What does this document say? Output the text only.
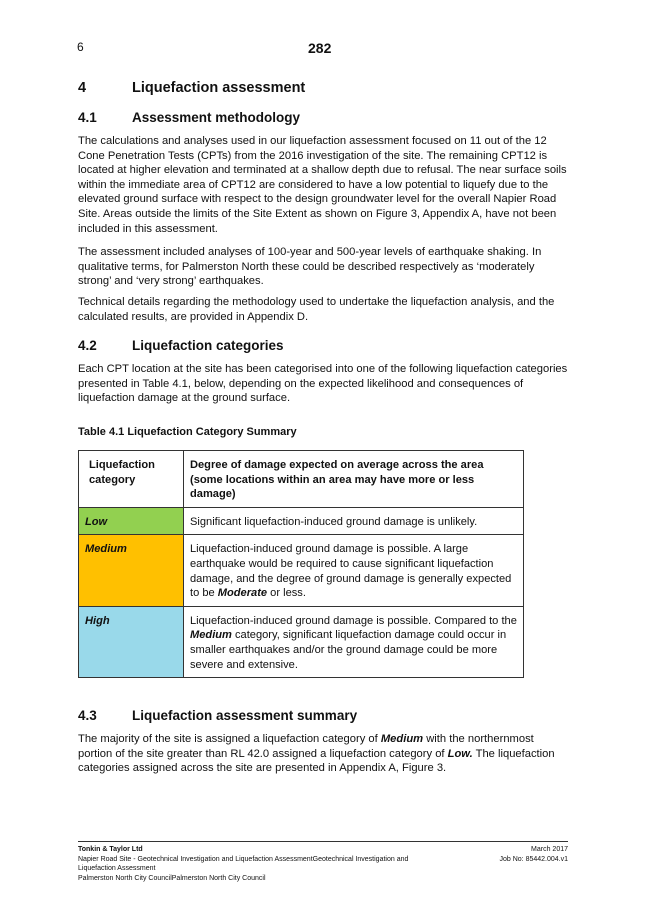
6	282
4	Liquefaction assessment
4.1	Assessment methodology

The calculations and analyses used in our liquefaction assessment focused on 11 out of the 12 Cone Penetration Tests (CPTs) from the 2016 investigation of the site. The remaining CPT12 is located at higher elevation and terminated at a shallow depth due to refusal. The near surface soils within the immediate area of CPT12 are considered to have a low potential to liquefy due to the elevated ground surface with respect to the design groundwater level for the overall Napier Road Site. Areas outside the limits of the Site Extent as shown on Figure 3, Appendix A, have not been included in this assessment.

The assessment included analyses of 100-year and 500-year levels of earthquake shaking. In qualitative terms, for Palmerston North these could be described respectively as ‘moderately strong’ and ‘very strong’ earthquakes.

Technical details regarding the methodology used to undertake the liquefaction analysis, and the calculated results, are provided in Appendix D.

4.2	Liquefaction categories

Each CPT location at the site has been categorised into one of the following liquefaction categories presented in Table 4.1, below, depending on the expected likelihood and consequences of liquefaction damage at the ground surface.

Table 4.1 Liquefaction Category Summary
Liquefaction category	Degree of damage expected on average across the area
(some locations within an area may have more or less damage)

Low	Significant liquefaction-induced ground damage is unlikely.
Medium	Liquefaction-induced ground damage is possible. A large earthquake would be required to cause significant liquefaction damage, and the degree of ground damage is generally expected to be Moderate or less.
High	Liquefaction-induced ground damage is possible. Compared to the Medium category, significant liquefaction damage could occur in smaller earthquakes and/or the ground damage could be more severe and extensive.
4.3	Liquefaction assessment summary

The majority of the site is assigned a liquefaction category of Medium with the northernmost portion of the site greater than RL 42.0 assigned a liquefaction category of Low. The liquefaction categories assigned across the site are presented in Appendix A, Figure 3.

Tonkin & Taylor Ltd
Napier Road Site - Geotechnical Investigation and Liquefaction AssessmentGeotechnical Investigation and
Liquefaction Assessment
Palmerston North City CouncilPalmerston North City Council
March 2017
Job No: 85442.004.v1
